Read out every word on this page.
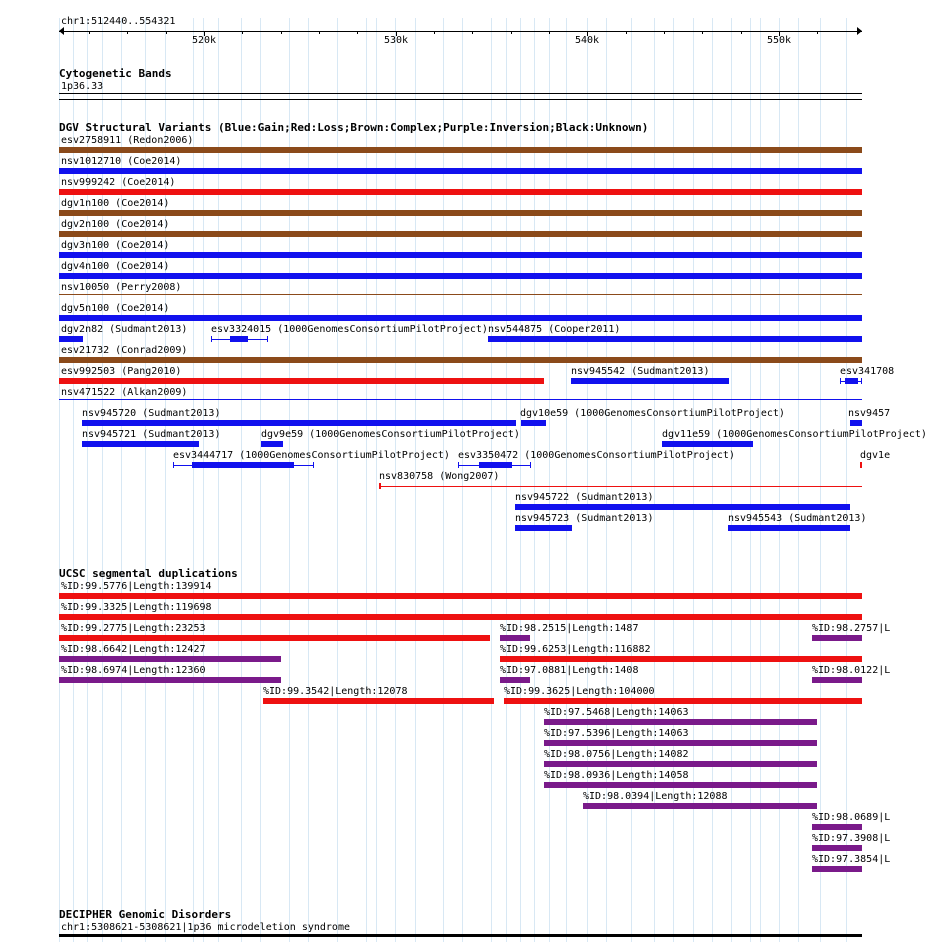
chr1:512440..554321
520k	530k	540k	550k
Cytogenetic Bands
1p36.33
DGV Structural Variants (Blue:Gain;Red:Loss;Brown:Complex;Purple:Inversion;Black:Unknown)
esv2758911 (Redon2006)
nsv1012710 (Coe2014)
nsv999242 (Coe2014)
dgv1n100 (Coe2014)
dgv2n100 (Coe2014)
dgv3n100 (Coe2014)
dgv4n100 (Coe2014)
nsv10050 (Perry2008)
dgv5n100 (Coe2014)
dgv2n82 (Sudmant2013) esv3324015 (1000GenomesConsortiumPilotProject) nsv544875 (Cooper2011)
esv21732 (Conrad2009)
esv992503 (Pang2010)	nsv945542 (Sudmant2013)	esv341708
nsv471522 (Alkan2009)
nsv945720 (Sudmant2013)	dgv10e59 (1000GenomesConsortiumPilotProject)	nsv9457
nsv945721 (Sudmant2013)	dgv9e59 (1000GenomesConsortiumPilotProject)	dgv11e59 (1000GenomesConsortiumPilotProject)
esv3444717 (1000GenomesConsortiumPilotProject) esv3350472 (1000GenomesConsortiumPilotProject)	dgv1e
nsv830758 (Wong2007)
nsv945722 (Sudmant2013)
nsv945723 (Sudmant2013)	nsv945543 (Sudmant2013)
UCSC segmental duplications
%ID:99.5776|Length:139914
%ID:99.3325|Length:119698
%ID:99.2775|Length:23253	%ID:98.2515|Length:1487	%ID:98.2757|L
%ID:98.6642|Length:12427	%ID:99.6253|Length:116882
%ID:98.6974|Length:12360	%ID:97.0881|Length:1408	%ID:98.0122|L
%ID:99.3542|Length:12078	%ID:99.3625|Length:104000
%ID:97.5468|Length:14063
%ID:97.5396|Length:14063
%ID:98.0756|Length:14082
%ID:98.0936|Length:14058
%ID:98.0394|Length:12088
%ID:98.0689|L
%ID:97.3908|L
%ID:97.3854|L
DECIPHER Genomic Disorders
chr1:5308621-5308621|1p36 microdeletion syndrome
